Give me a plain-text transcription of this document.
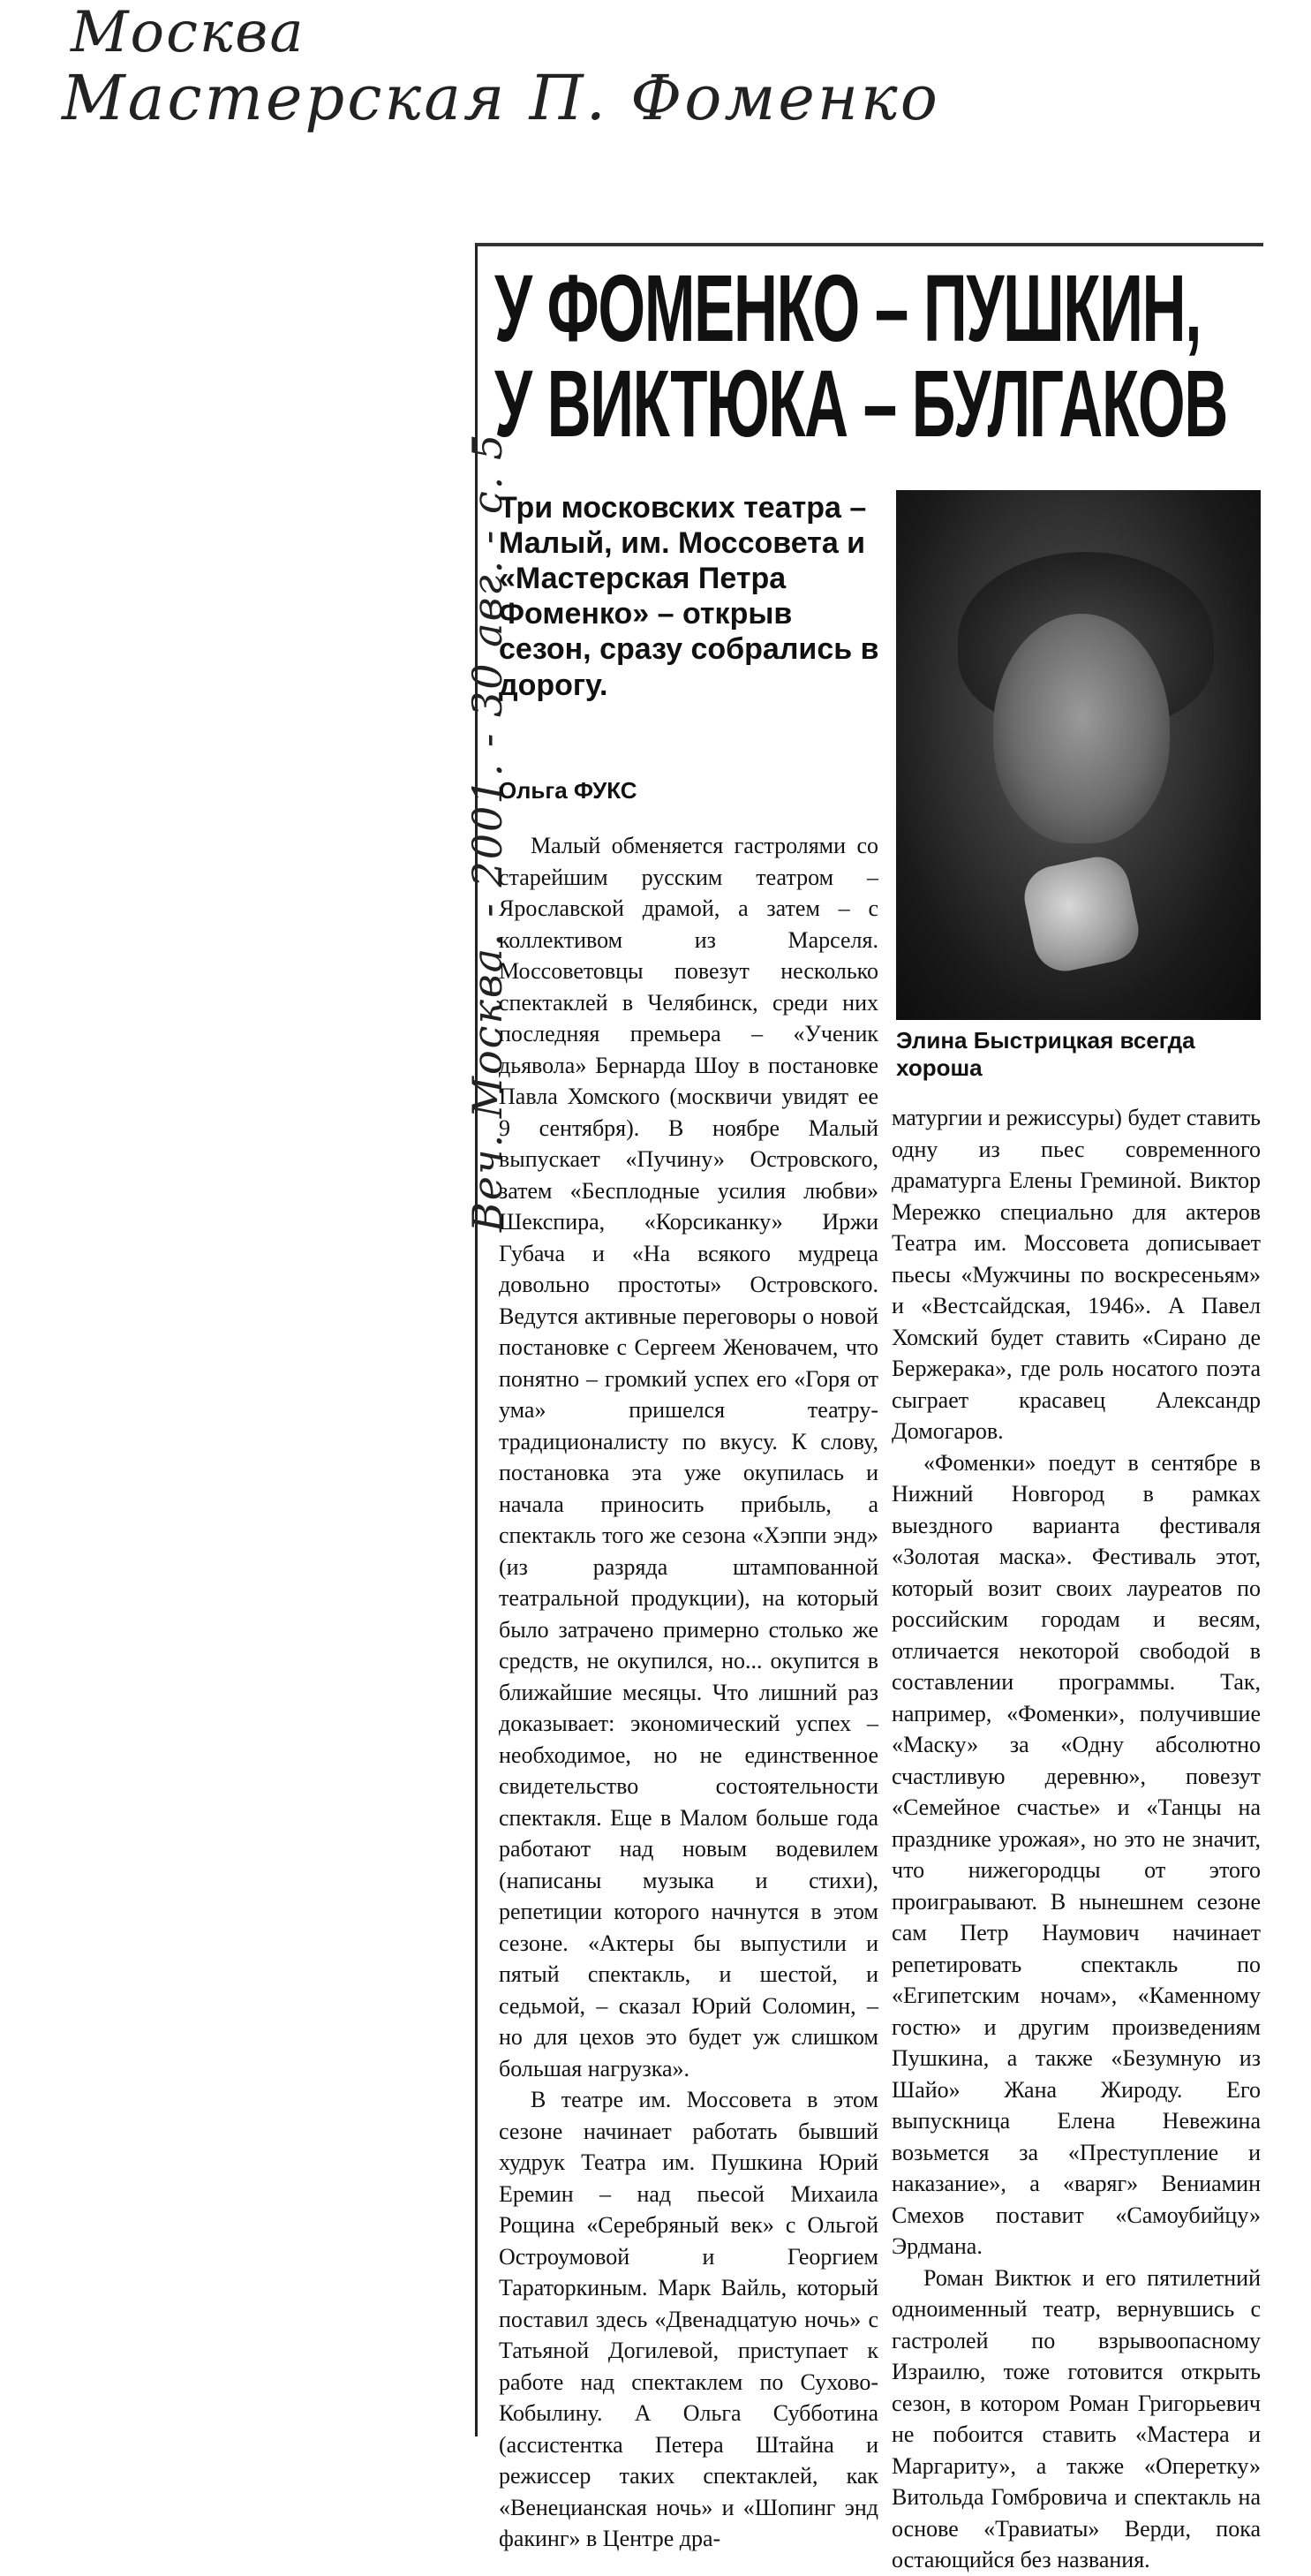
Москва
Мастерская П. Фоменко
Веч. Москва. - 2001. - 30 авг. - с. 5
У ФОМЕНКО – ПУШКИН,
У ВИКТЮКА – БУЛГАКОВ
Три московских театра – Малый, им. Моссовета и «Мастерская Петра Фоменко» – открыв сезон, сразу собрались в дорогу.
Ольга ФУКС
Элина Быстрицкая всегда хороша

Малый обменяется гастролями со старейшим русским театром – Ярославской драмой, а затем – с коллективом из Марселя. Моссоветовцы повезут несколько спектаклей в Челябинск, среди них последняя премьера – «Ученик дьявола» Бернарда Шоу в постановке Павла Хомского (москвичи увидят ее 9 сентября). В ноябре Малый выпускает «Пучину» Островского, затем «Бесплодные усилия любви» Шекспира, «Корсиканку» Иржи Губача и «На всякого мудреца довольно простоты» Островского. Ведутся активные переговоры о новой постановке с Сергеем Женовачем, что понятно – громкий успех его «Горя от ума» пришелся театру-традиционалисту по вкусу. К слову, постановка эта уже окупилась и начала приносить прибыль, а спектакль того же сезона «Хэппи энд» (из разряда штампованной театральной продукции), на который было затрачено примерно столько же средств, не окупился, но... окупится в ближайшие месяцы. Что лишний раз доказывает: экономический успех – необходимое, но не единственное свидетельство состоятельности спектакля. Еще в Малом больше года работают над новым водевилем (написаны музыка и стихи), репетиции которого начнутся в этом сезоне. «Актеры бы выпустили и пятый спектакль, и шестой, и седьмой, – сказал Юрий Соломин, – но для цехов это будет уж слишком большая нагрузка».

В театре им. Моссовета в этом сезоне начинает работать бывший худрук Театра им. Пушкина Юрий Еремин – над пьесой Михаила Рощина «Серебряный век» с Ольгой Остроумовой и Георгием Тараторкиным. Марк Вайль, который поставил здесь «Двенадцатую ночь» с Татьяной Догилевой, приступает к работе над спектаклем по Сухово-Кобылину. А Ольга Субботина (ассистентка Петера Штайна и режиссер таких спектаклей, как «Венецианская ночь» и «Шопинг энд факинг» в Центре дра-

матургии и режиссуры) будет ставить одну из пьес современного драматурга Елены Греминой. Виктор Мережко специально для актеров Театра им. Моссовета дописывает пьесы «Мужчины по воскресеньям» и «Вестсайдская, 1946». А Павел Хомский будет ставить «Сирано де Бержерака», где роль носатого поэта сыграет красавец Александр Домогаров.

«Фоменки» поедут в сентябре в Нижний Новгород в рамках выездного варианта фестиваля «Золотая маска». Фестиваль этот, который возит своих лауреатов по российским городам и весям, отличается некоторой свободой в составлении программы. Так, например, «Фоменки», получившие «Маску» за «Одну абсолютно счастливую деревню», повезут «Семейное счастье» и «Танцы на празднике урожая», но это не значит, что нижегородцы от этого проиграывают. В нынешнем сезоне сам Петр Наумович начинает репетировать спектакль по «Египетским ночам», «Каменному гостю» и другим произведениям Пушкина, а также «Безумную из Шайо» Жана Жироду. Его выпускница Елена Невежина возьмется за «Преступление и наказание», а «варяг» Вениамин Смехов поставит «Самоубийцу» Эрдмана.

Роман Виктюк и его пятилетний одноименный театр, вернувшись с гастролей по взрывоопасному Израилю, тоже готовится открыть сезон, в котором Роман Григорьевич не побоится ставить «Мастера и Маргариту», а также «Оперетку» Витольда Гомбровича и спектакль на основе «Травиаты» Верди, пока остающийся без названия.
